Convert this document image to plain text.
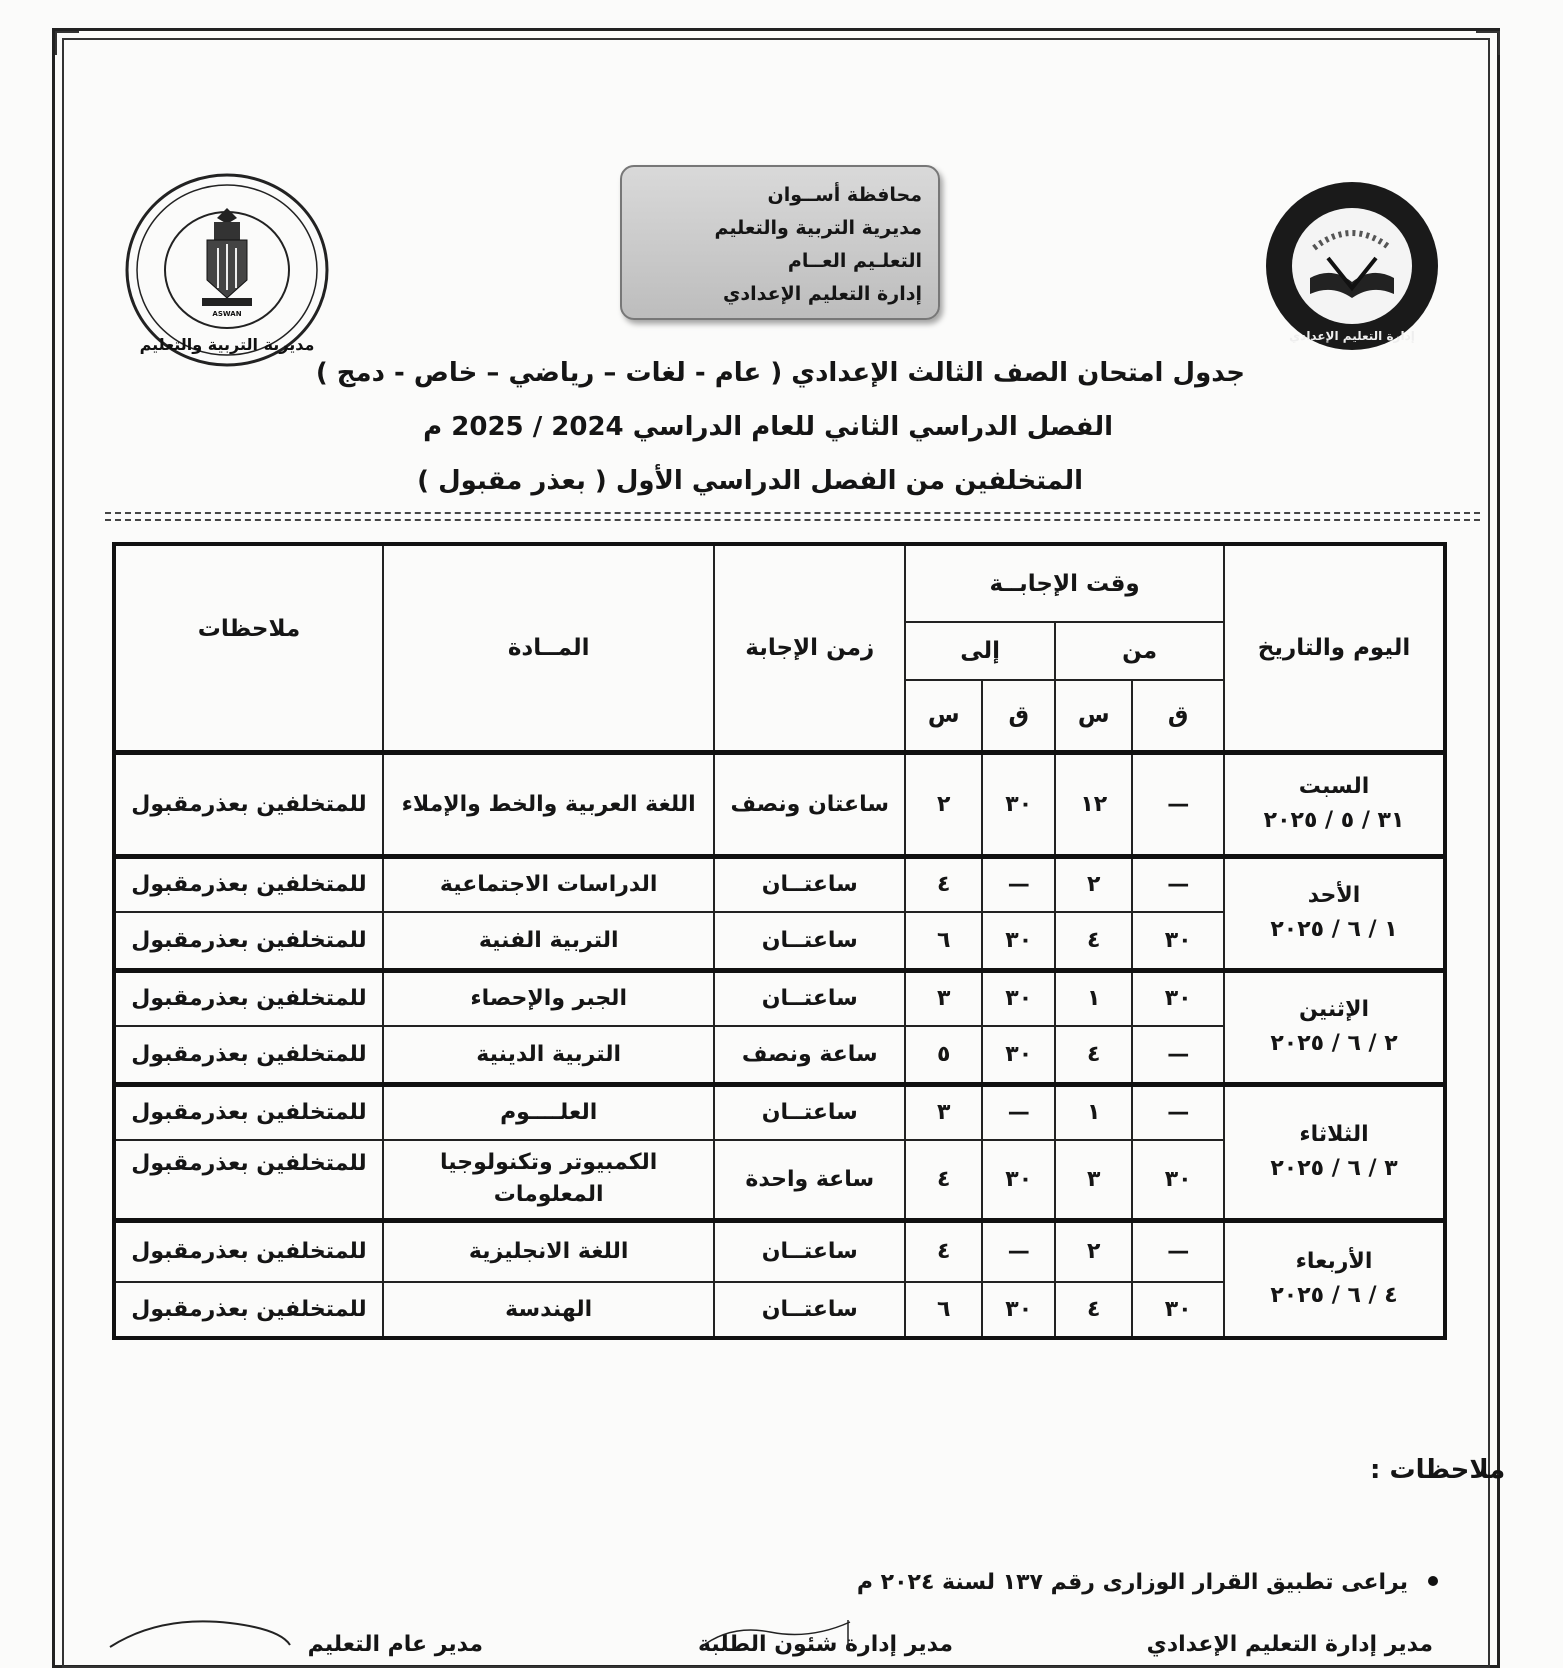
محافظة أســوان
مديرية التربية والتعليم
التعلـيم العــام
إدارة التعليم الإعدادي
ASWAN
مديرية التربية والتعليم	إدارة التعليم الإعدادي
جدول امتحان الصف الثالث الإعدادي ( عام - لغات – رياضي – خاص - دمج )
الفصل الدراسي الثاني للعام الدراسي 2024 / 2025 م
المتخلفين من الفصل الدراسي الأول ( بعذر مقبول )
اليوم والتاريخ	وقت الإجابــة				زمن الإجابة	المــادة	ملاحظات
	من		إلى				
	ق	س	ق	س			

السبت
٣١ / ٥ / ٢٠٢٥	—	١٢	٣٠	٢	ساعتان ونصف	اللغة العربية والخط والإملاء	للمتخلفين بعذرمقبول

الأحد
١ / ٦ / ٢٠٢٥	—	٢	—	٤	ساعتــان	الدراسات الاجتماعية	للمتخلفين بعذرمقبول
	٣٠	٤	٣٠	٦	ساعتــان	التربية الفنية	للمتخلفين بعذرمقبول

الإثنين
٢ / ٦ / ٢٠٢٥	٣٠	١	٣٠	٣	ساعتــان	الجبر والإحصاء	للمتخلفين بعذرمقبول
	—	٤	٣٠	٥	ساعة ونصف	التربية الدينية	للمتخلفين بعذرمقبول

الثلاثاء
٣ / ٦ / ٢٠٢٥	—	١	—	٣	ساعتــان	العلــــوم	للمتخلفين بعذرمقبول
	٣٠	٣	٣٠	٤	ساعة واحدة	الكمبيوتر وتكنولوجيا المعلومات	للمتخلفين بعذرمقبول

الأربعاء
٤ / ٦ / ٢٠٢٥	—	٢	—	٤	ساعتــان	اللغة الانجليزية	للمتخلفين بعذرمقبول
	٣٠	٤	٣٠	٦	ساعتــان	الهندسة	للمتخلفين بعذرمقبول
ملاحظات :
يراعى تطبيق القرار الوزارى رقم ١٣٧ لسنة ٢٠٢٤ م
مدير إدارة التعليم الإعدادي
مدير إدارة شئون الطلبة
مدير عام التعليم
